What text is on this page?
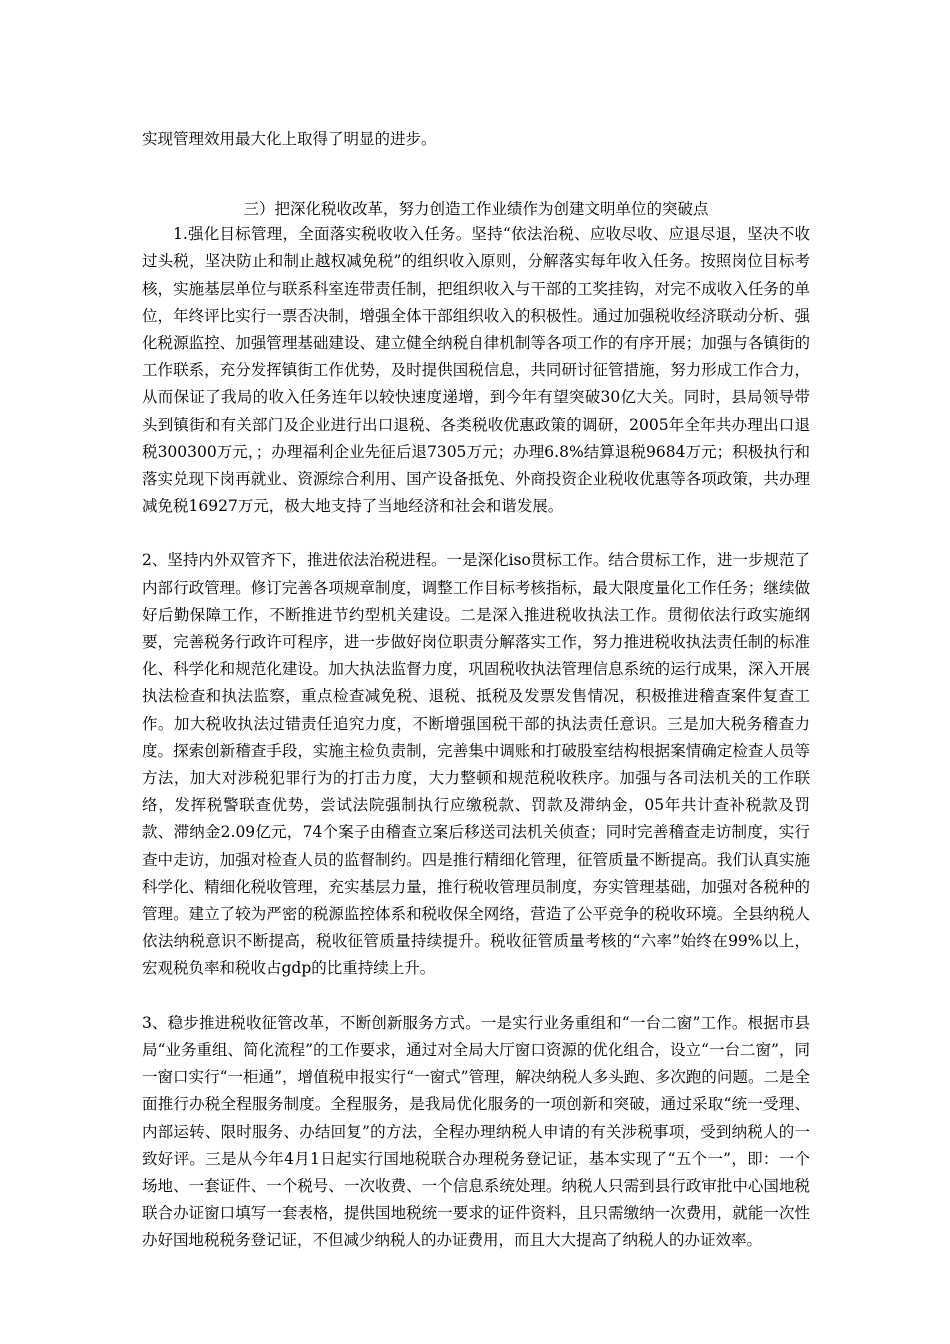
实现管理效用最大化上取得了明显的进步。

三）把深化税收改革，努力创造工作业绩作为创建文明单位的突破点

1.强化目标管理，全面落实税收收入任务。坚持“依法治税、应收尽收、应退尽退，坚决不收过头税，坚决防止和制止越权减免税”的组织收入原则，分解落实每年收入任务。按照岗位目标考核，实施基层单位与联系科室连带责任制，把组织收入与干部的工奖挂钩，对完不成收入任务的单位，年终评比实行一票否决制，增强全体干部组织收入的积极性。通过加强税收经济联动分析、强化税源监控、加强管理基础建设、建立健全纳税自律机制等各项工作的有序开展；加强与各镇街的工作联系，充分发挥镇街工作优势，及时提供国税信息，共同研讨征管措施，努力形成工作合力，从而保证了我局的收入任务连年以较快速度递增，到今年有望突破30亿大关。同时，县局领导带头到镇街和有关部门及企业进行出口退税、各类税收优惠政策的调研，2005年全年共办理出口退税300300万元，；办理福利企业先征后退7305万元；办理6.8%结算退税9684万元；积极执行和落实兑现下岗再就业、资源综合利用、国产设备抵免、外商投资企业税收优惠等各项政策，共办理减免税16927万元，极大地支持了当地经济和社会和谐发展。

2、坚持内外双管齐下，推进依法治税进程。一是深化iso贯标工作。结合贯标工作，进一步规范了内部行政管理。修订完善各项规章制度，调整工作目标考核指标，最大限度量化工作任务；继续做好后勤保障工作，不断推进节约型机关建设。二是深入推进税收执法工作。贯彻依法行政实施纲要，完善税务行政许可程序，进一步做好岗位职责分解落实工作，努力推进税收执法责任制的标准化、科学化和规范化建设。加大执法监督力度，巩固税收执法管理信息系统的运行成果，深入开展执法检查和执法监察，重点检查减免税、退税、抵税及发票发售情况，积极推进稽查案件复查工作。加大税收执法过错责任追究力度，不断增强国税干部的执法责任意识。三是加大税务稽查力度。探索创新稽查手段，实施主检负责制，完善集中调账和打破股室结构根据案情确定检查人员等方法，加大对涉税犯罪行为的打击力度，大力整顿和规范税收秩序。加强与各司法机关的工作联络，发挥税警联查优势，尝试法院强制执行应缴税款、罚款及滞纳金，05年共计查补税款及罚款、滞纳金2.09亿元，74个案子由稽查立案后移送司法机关侦查；同时完善稽查走访制度，实行查中走访，加强对检查人员的监督制约。四是推行精细化管理，征管质量不断提高。我们认真实施科学化、精细化税收管理，充实基层力量，推行税收管理员制度，夯实管理基础，加强对各税种的管理。建立了较为严密的税源监控体系和税收保全网络，营造了公平竞争的税收环境。全县纳税人依法纳税意识不断提高，税收征管质量持续提升。税收征管质量考核的“六率”始终在99%以上，宏观税负率和税收占gdp的比重持续上升。

3、稳步推进税收征管改革，不断创新服务方式。一是实行业务重组和“一台二窗”工作。根据市县局“业务重组、简化流程”的工作要求，通过对全局大厅窗口资源的优化组合，设立“一台二窗”，同一窗口实行“一柜通”，增值税申报实行“一窗式”管理，解决纳税人多头跑、多次跑的问题。二是全面推行办税全程服务制度。全程服务，是我局优化服务的一项创新和突破，通过采取“统一受理、内部运转、限时服务、办结回复”的方法，全程办理纳税人申请的有关涉税事项，受到纳税人的一致好评。三是从今年4月1日起实行国地税联合办理税务登记证，基本实现了“五个一”，即：一个场地、一套证件、一个税号、一次收费、一个信息系统处理。纳税人只需到县行政审批中心国地税联合办证窗口填写一套表格，提供国地税统一要求的证件资料，且只需缴纳一次费用，就能一次性办好国地税税务登记证，不但减少纳税人的办证费用，而且大大提高了纳税人的办证效率。
